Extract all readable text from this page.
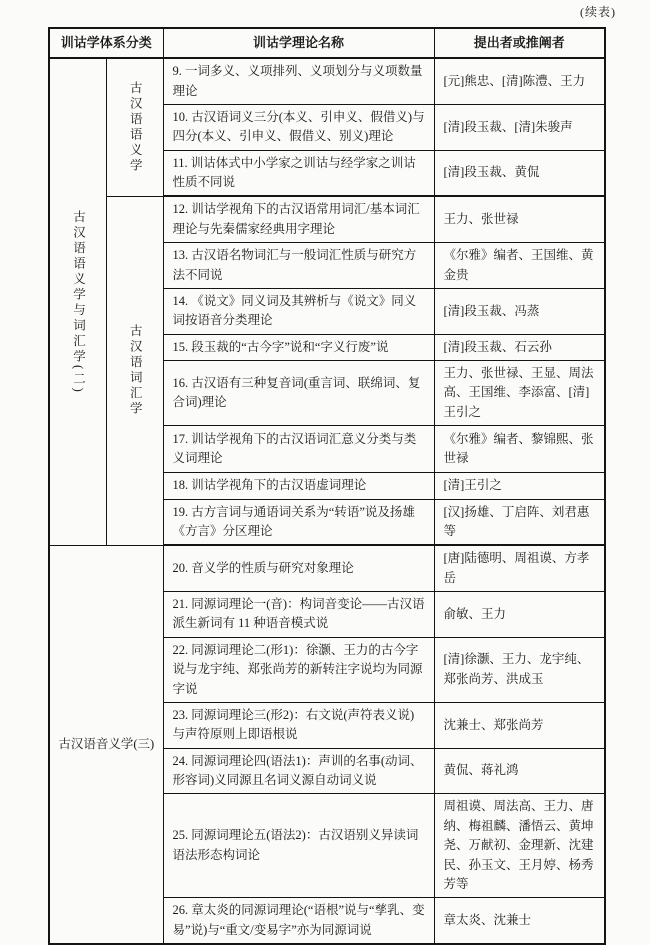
(续表)
训诂学体系分类		训诂学理论名称	提出者或推阐者
古汉语语义学与词汇学(二)	古汉语语义学	9. 一词多义、义项排列、义项划分与义项数量理论	[元]熊忠、[清]陈澧、王力
		10. 古汉语词义三分(本义、引申义、假借义)与四分(本义、引申义、假借义、别义)理论	[清]段玉裁、[清]朱骏声
		11. 训诂体式中小学家之训诂与经学家之训诂性质不同说	[清]段玉裁、黄侃
	古汉语词汇学	12. 训诂学视角下的古汉语常用词汇/基本词汇理论与先秦儒家经典用字理论	王力、张世禄
		13. 古汉语名物词汇与一般词汇性质与研究方法不同说	《尔雅》编者、王国维、黄金贵
		14. 《说文》同义词及其辨析与《说文》同义词按语音分类理论	[清]段玉裁、冯蒸
		15. 段玉裁的“古今字”说和“字义行废”说	[清]段玉裁、石云孙
		16. 古汉语有三种复音词(重言词、联绵词、复合词)理论	王力、张世禄、王显、周法高、王国维、李添富、[清]王引之
		17. 训诂学视角下的古汉语词汇意义分类与类义词理论	《尔雅》编者、黎锦熙、张世禄
		18. 训诂学视角下的古汉语虚词理论	[清]王引之
		19. 古方言词与通语词关系为“转语”说及扬雄《方言》分区理论	[汉]扬雄、丁启阵、刘君惠等
古汉语音义学(三)		20. 音义学的性质与研究对象理论	[唐]陆德明、周祖谟、方孝岳
		21. 同源词理论一(音)：构词音变论——古汉语派生新词有 11 种语音模式说	俞敏、王力
		22. 同源词理论二(形1)：徐灏、王力的古今字说与龙宇纯、郑张尚芳的新转注字说均为同源字说	[清]徐灏、王力、龙宇纯、郑张尚芳、洪成玉
		23. 同源词理论三(形2)：右文说(声符表义说)与声符原则上即语根说	沈兼士、郑张尚芳
		24. 同源词理论四(语法1)：声训的名事(动词、形容词)义同源且名词义源自动词义说	黄侃、蒋礼鸿
		25. 同源词理论五(语法2)：古汉语别义异读词语法形态构词论	周祖谟、周法高、王力、唐纳、梅祖麟、潘悟云、黄坤尧、万献初、金理新、沈建民、孙玉文、王月婷、杨秀芳等
		26. 章太炎的同源词理论(“语根”说与“孳乳、变易”说)与“重文/变易字”亦为同源词说	章太炎、沈兼士
